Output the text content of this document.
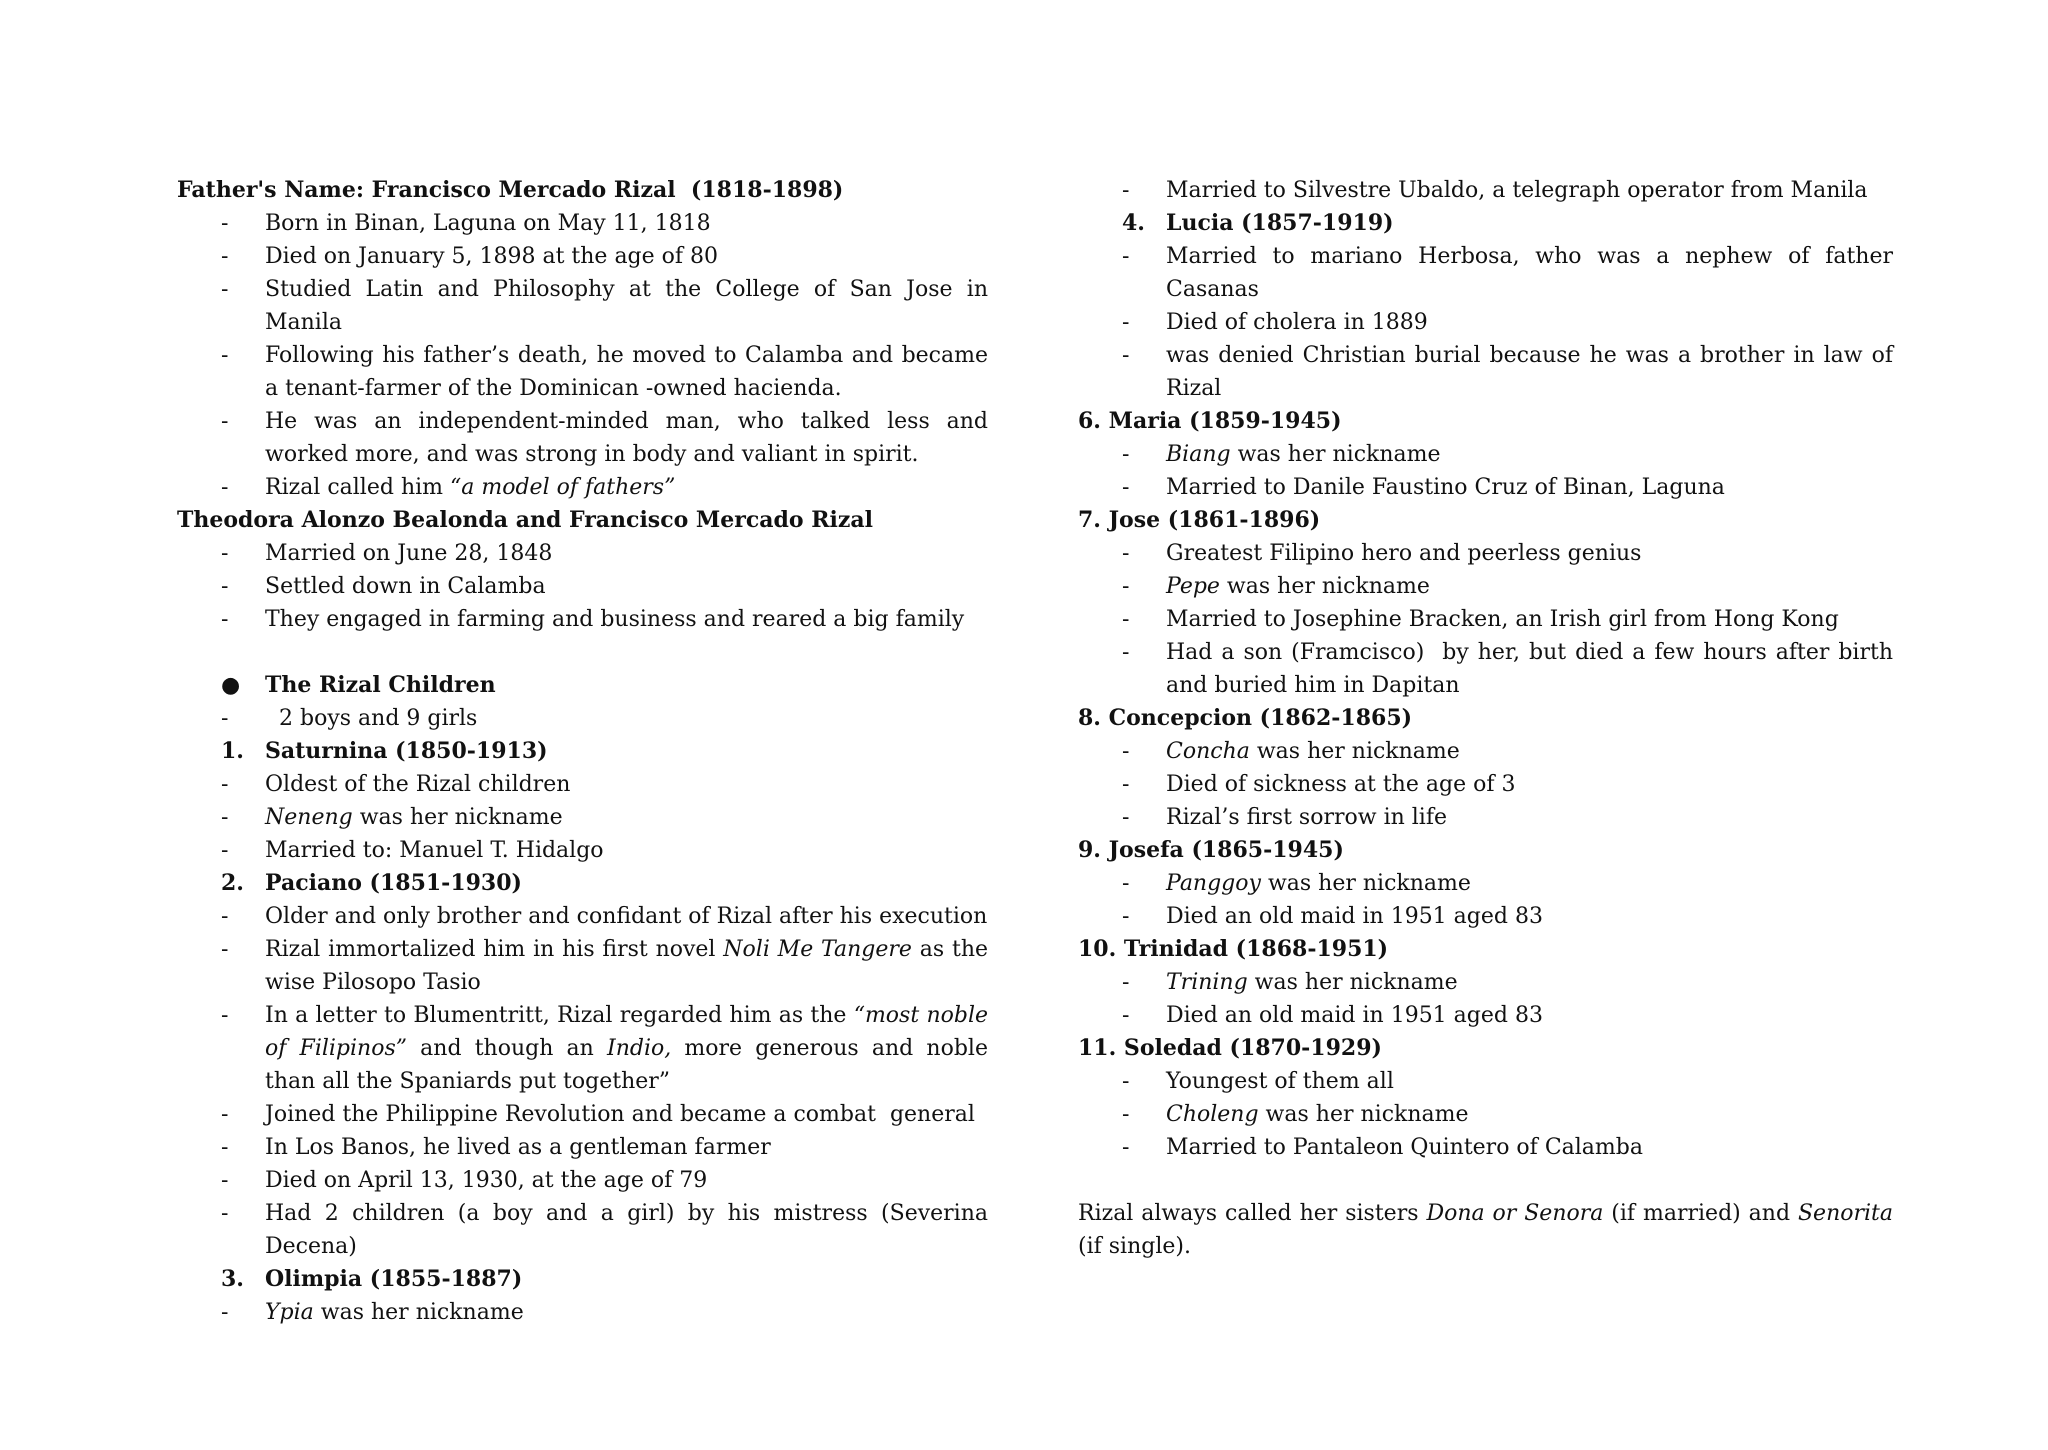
Father's Name: Francisco Mercado Rizal  (1818-1898)
- Born in Binan, Laguna on May 11, 1818
- Died on January 5, 1898 at the age of 80
- Studied Latin and Philosophy at the College of San Jose in Manila
- Following his father’s death, he moved to Calamba and became a tenant-farmer of the Dominican -owned hacienda.
- He was an independent-minded man, who talked less and worked more, and was strong in body and valiant in spirit.
- Rizal called him “a model of fathers”
Theodora Alonzo Bealonda and Francisco Mercado Rizal
- Married on June 28, 1848
- Settled down in Calamba
- They engaged in farming and business and reared a big family
● The Rizal Children
- 2 boys and 9 girls
1. Saturnina (1850-1913)
- Oldest of the Rizal children
- Neneng was her nickname
- Married to: Manuel T. Hidalgo
2. Paciano (1851-1930)
- Older and only brother and confidant of Rizal after his execution
- Rizal immortalized him in his first novel Noli Me Tangere as the wise Pilosopo Tasio
- In a letter to Blumentritt, Rizal regarded him as the “most noble of Filipinos” and though an Indio, more generous and noble than all the Spaniards put together”
- Joined the Philippine Revolution and became a combat  general
- In Los Banos, he lived as a gentleman farmer
- Died on April 13, 1930, at the age of 79
- Had 2 children (a boy and a girl) by his mistress (Severina Decena)
3. Olimpia (1855-1887)
- Ypia was her nickname
- Married to Silvestre Ubaldo, a telegraph operator from Manila
4. Lucia (1857-1919)
- Married to mariano Herbosa, who was a nephew of father Casanas
- Died of cholera in 1889
- was denied Christian burial because he was a brother in law of Rizal
6. Maria (1859-1945)
- Biang was her nickname
- Married to Danile Faustino Cruz of Binan, Laguna
7. Jose (1861-1896)
- Greatest Filipino hero and peerless genius
- Pepe was her nickname
- Married to Josephine Bracken, an Irish girl from Hong Kong
- Had a son (Framcisco)  by her, but died a few hours after birth and buried him in Dapitan
8. Concepcion (1862-1865)
- Concha was her nickname
- Died of sickness at the age of 3
- Rizal’s first sorrow in life
9. Josefa (1865-1945)
- Panggoy was her nickname
- Died an old maid in 1951 aged 83
10. Trinidad (1868-1951)
- Trining was her nickname
- Died an old maid in 1951 aged 83
11. Soledad (1870-1929)
- Youngest of them all
- Choleng was her nickname
- Married to Pantaleon Quintero of Calamba
Rizal always called her sisters Dona or Senora (if married) and Senorita (if single).
